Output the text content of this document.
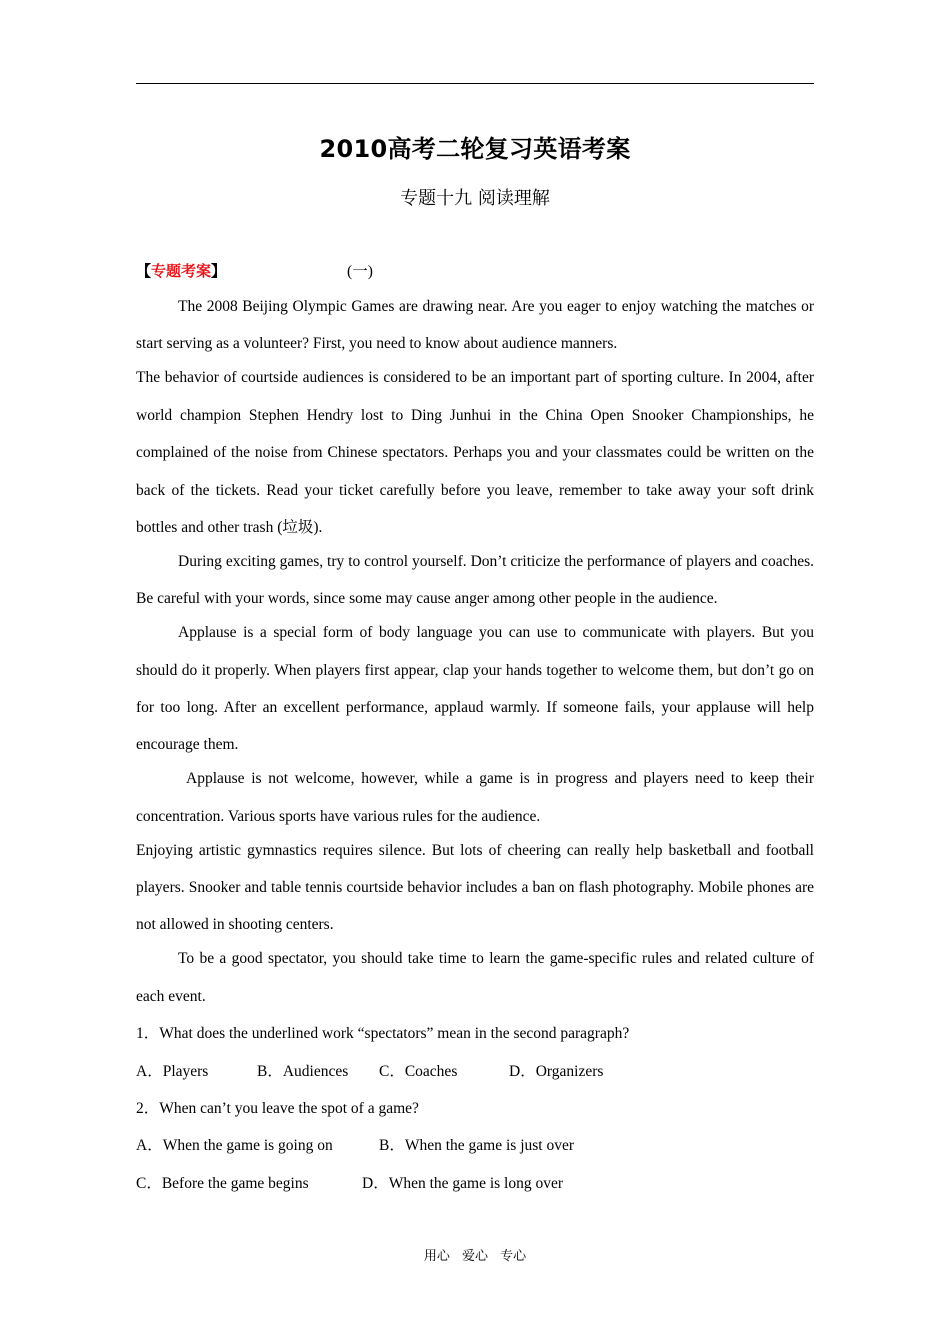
2010高考二轮复习英语考案
专题十九 阅读理解
【 专题考案 】	(一)

The 2008 Beijing Olympic Games are drawing near. Are you eager to enjoy watching the matches or start serving as a volunteer? First, you need to know about audience manners.

The behavior of courtside audiences is considered to be an important part of sporting culture. In 2004, after world champion Stephen Hendry lost to Ding Junhui in the China Open Snooker Championships, he complained of the noise from Chinese spectators. Perhaps you and your classmates could be written on the back of the tickets. Read your ticket carefully before you leave, remember to take away your soft drink bottles and other trash (垃圾).

During exciting games, try to control yourself. Don’t criticize the performance of players and coaches. Be careful with your words, since some may cause anger among other people in the audience.

Applause is a special form of body language you can use to communicate with players. But you should do it properly. When players first appear, clap your hands together to welcome them, but don’t go on for too long. After an excellent performance, applaud warmly. If someone fails, your applause will help encourage them.

Applause is not welcome, however, while a game is in progress and players need to keep their concentration. Various sports have various rules for the audience.

Enjoying artistic gymnastics requires silence. But lots of cheering can really help basketball and football players. Snooker and table tennis courtside behavior includes a ban on flash photography. Mobile phones are not allowed in shooting centers.

To be a good spectator, you should take time to learn the game-specific rules and related culture of each event.

1．What does the underlined work “spectators” mean in the second paragraph?

A．Players	B．Audiences C．Coaches	D．Organizers

2．When can’t you leave the spot of a game?

A．When the game is going on	B．When the game is just over

C．Before the game begins	D．When the game is long over

用心 爱心 专心
